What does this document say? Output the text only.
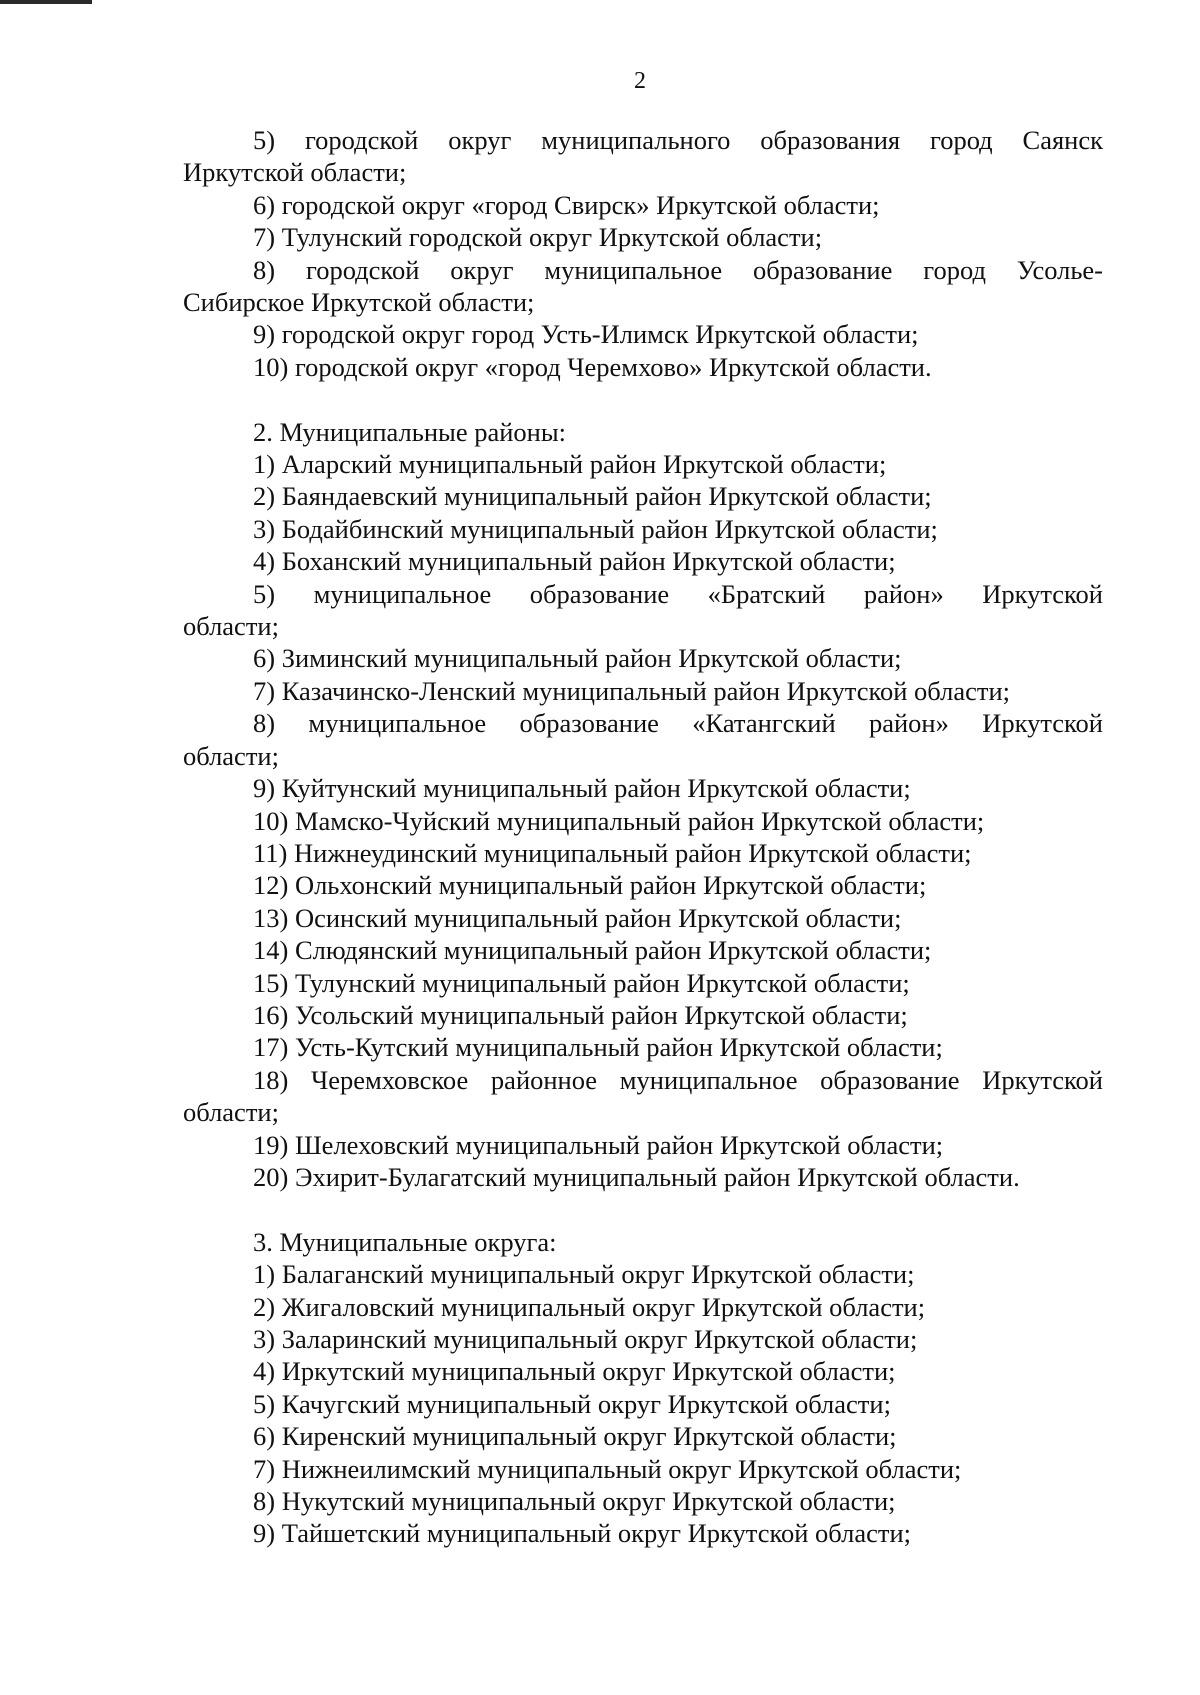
2

5) городской округ муниципального образования город Саянск
Иркутской области;

6) городской округ «город Свирск» Иркутской области;

7) Тулунский городской округ Иркутской области;

8) городской округ муниципальное образование город Усолье-
Сибирское Иркутской области;

9) городской округ город Усть-Илимск Иркутской области;

10) городской округ «город Черемхово» Иркутской области.

2. Муниципальные районы:

1) Аларский муниципальный район Иркутской области;

2) Баяндаевский муниципальный район Иркутской области;

3) Бодайбинский муниципальный район Иркутской области;

4) Боханский муниципальный район Иркутской области;

5) муниципальное образование «Братский район» Иркутской
области;

6) Зиминский муниципальный район Иркутской области;

7) Казачинско-Ленский муниципальный район Иркутской области;

8) муниципальное образование «Катангский район» Иркутской
области;

9) Куйтунский муниципальный район Иркутской области;

10) Мамско-Чуйский муниципальный район Иркутской области;

11) Нижнеудинский муниципальный район Иркутской области;

12) Ольхонский муниципальный район Иркутской области;

13) Осинский муниципальный район Иркутской области;

14) Слюдянский муниципальный район Иркутской области;

15) Тулунский муниципальный район Иркутской области;

16) Усольский муниципальный район Иркутской области;

17) Усть-Кутский муниципальный район Иркутской области;

18) Черемховское районное муниципальное образование Иркутской
области;

19) Шелеховский муниципальный район Иркутской области;

20) Эхирит-Булагатский муниципальный район Иркутской области.

3. Муниципальные округа:

1) Балаганский муниципальный округ Иркутской области;

2) Жигаловский муниципальный округ Иркутской области;

3) Заларинский муниципальный округ Иркутской области;

4) Иркутский муниципальный округ Иркутской области;

5) Качугский муниципальный округ Иркутской области;

6) Киренский муниципальный округ Иркутской области;

7) Нижнеилимский муниципальный округ Иркутской области;

8) Нукутский муниципальный округ Иркутской области;

9) Тайшетский муниципальный округ Иркутской области;
